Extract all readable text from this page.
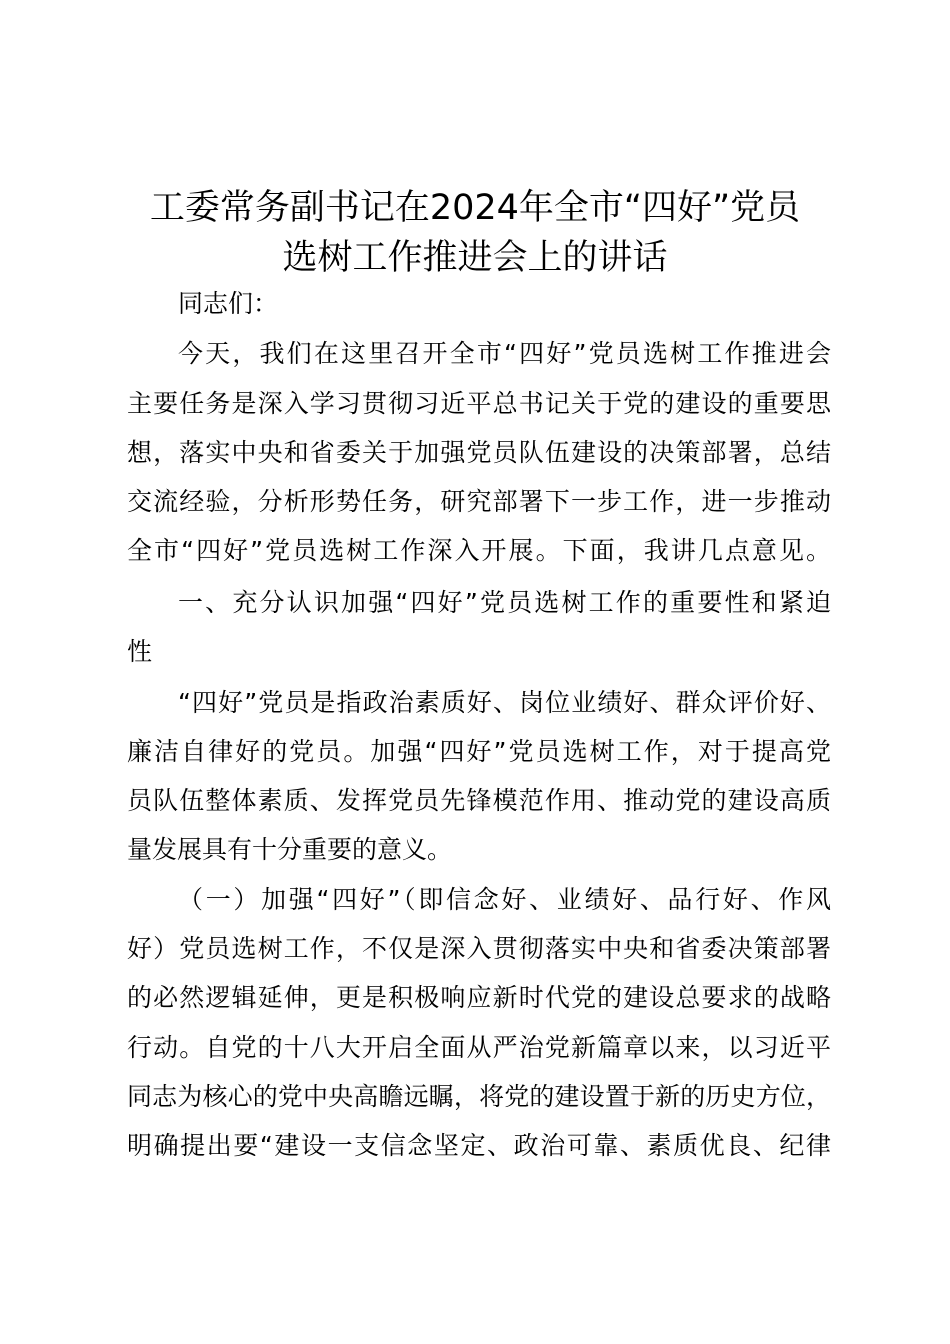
工委常务副书记在2024年全市“四好”党员
选树工作推进会上的讲话

同志们：

今天，我们在这里召开全市“四好”党员选树工作推进会

主要任务是深入学习贯彻习近平总书记关于党的建设的重要思

想，落实中央和省委关于加强党员队伍建设的决策部署，总结

交流经验，分析形势任务，研究部署下一步工作，进一步推动

全市“四好”党员选树工作深入开展。下面，我讲几点意见。

一、充分认识加强“四好”党员选树工作的重要性和紧迫

性

“四好”党员是指政治素质好、岗位业绩好、群众评价好、

廉洁自律好的党员。加强“四好”党员选树工作，对于提高党

员队伍整体素质、发挥党员先锋模范作用、推动党的建设高质

量发展具有十分重要的意义。

（一）加强“四好”（即信念好、业绩好、品行好、作风

好）党员选树工作，不仅是深入贯彻落实中央和省委决策部署

的必然逻辑延伸，更是积极响应新时代党的建设总要求的战略

行动。自党的十八大开启全面从严治党新篇章以来，以习近平

同志为核心的党中央高瞻远瞩，将党的建设置于新的历史方位，

明确提出要“建设一支信念坚定、政治可靠、素质优良、纪律
